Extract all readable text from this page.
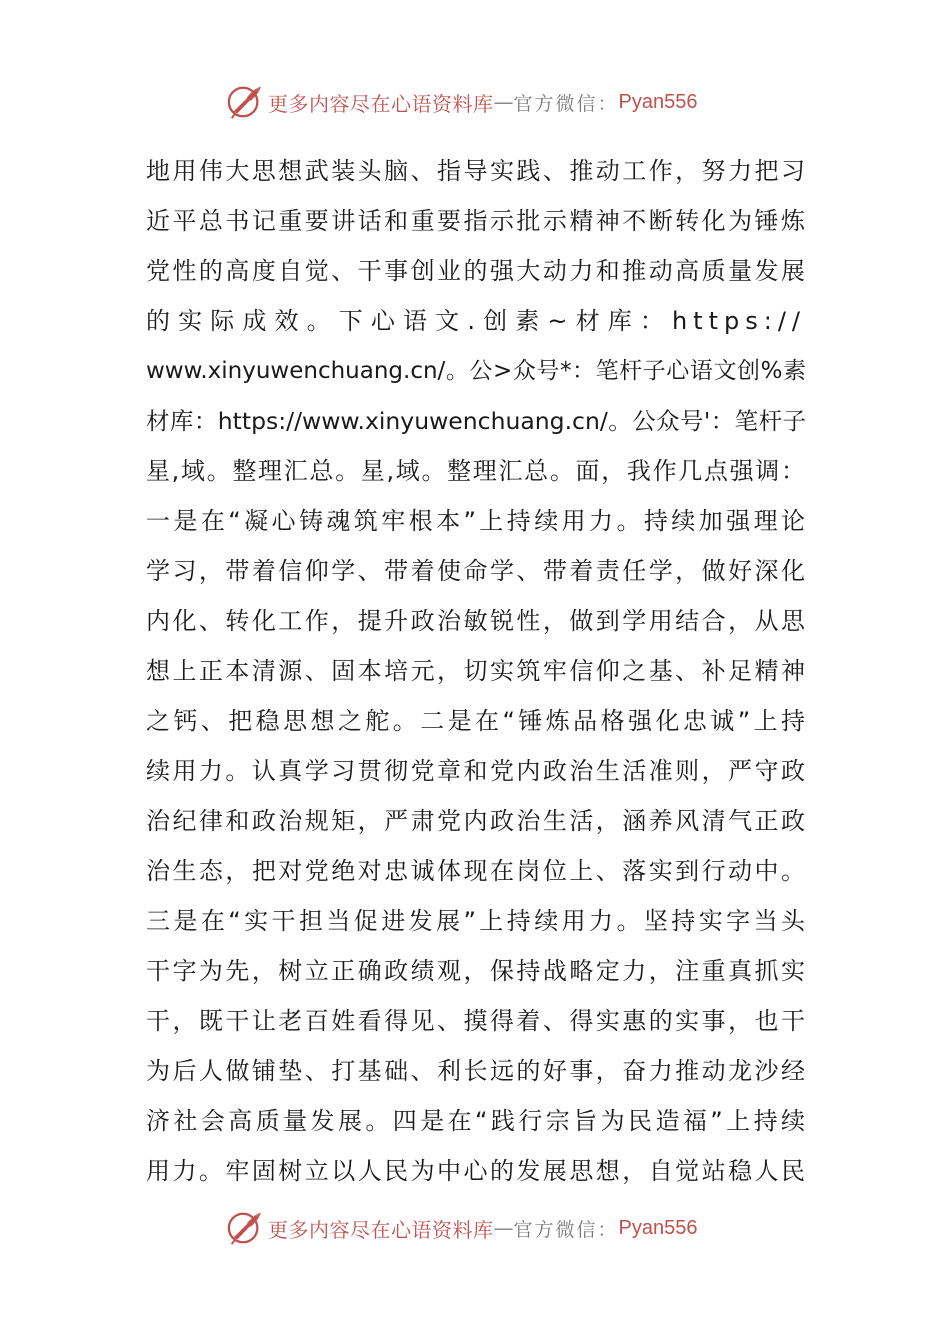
更多内容尽在心语资料库 — 官方微信： Pyan556
地用伟大思想武装头脑、指导实践、推动工作，努力把习
近平总书记重要讲话和重要指示批示精神不断转化为锤炼
党性的高度自觉、干事创业的强大动力和推动高质量发展
的实际成效。下心语文.创素~材库：https://
www.xinyuwenchuang.cn/。公>众号*：笔杆子心语文创%素
材库：https://www.xinyuwenchuang.cn/。公众号'：笔杆子
星,域。整理汇总。星,域。整理汇总。面，我作几点强调：
一是在“凝心铸魂筑牢根本”上持续用力。持续加强理论
学习，带着信仰学、带着使命学、带着责任学，做好深化
内化、转化工作，提升政治敏锐性，做到学用结合，从思
想上正本清源、固本培元，切实筑牢信仰之基、补足精神
之钙、把稳思想之舵。二是在“锤炼品格强化忠诚”上持
续用力。认真学习贯彻党章和党内政治生活准则，严守政
治纪律和政治规矩，严肃党内政治生活，涵养风清气正政
治生态，把对党绝对忠诚体现在岗位上、落实到行动中。
三是在“实干担当促进发展”上持续用力。坚持实字当头
干字为先，树立正确政绩观，保持战略定力，注重真抓实
干，既干让老百姓看得见、摸得着、得实惠的实事，也干
为后人做铺垫、打基础、利长远的好事，奋力推动龙沙经
济社会高质量发展。四是在“践行宗旨为民造福”上持续
用力。牢固树立以人民为中心的发展思想，自觉站稳人民
更多内容尽在心语资料库 — 官方微信： Pyan556
